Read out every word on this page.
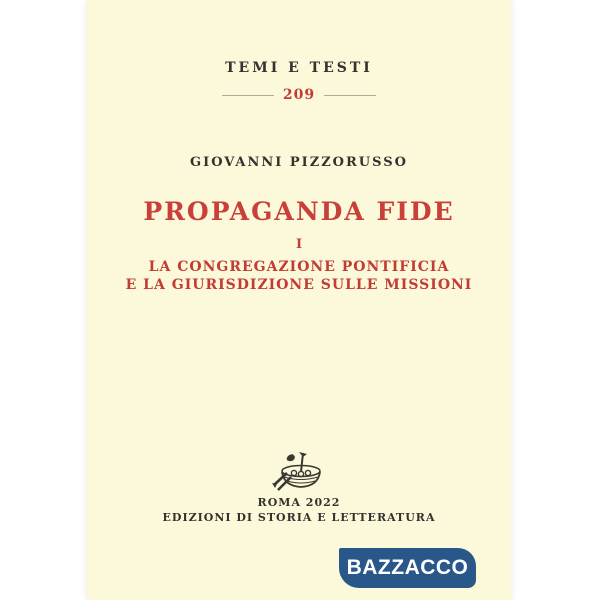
TEMI E TESTI
209
GIOVANNI PIZZORUSSO
PROPAGANDA FIDE
I
LA CONGREGAZIONE PONTIFICIA
E LA GIURISDIZIONE SULLE MISSIONI
ROMA 2022
EDIZIONI DI STORIA E LETTERATURA
BAZZACCO
